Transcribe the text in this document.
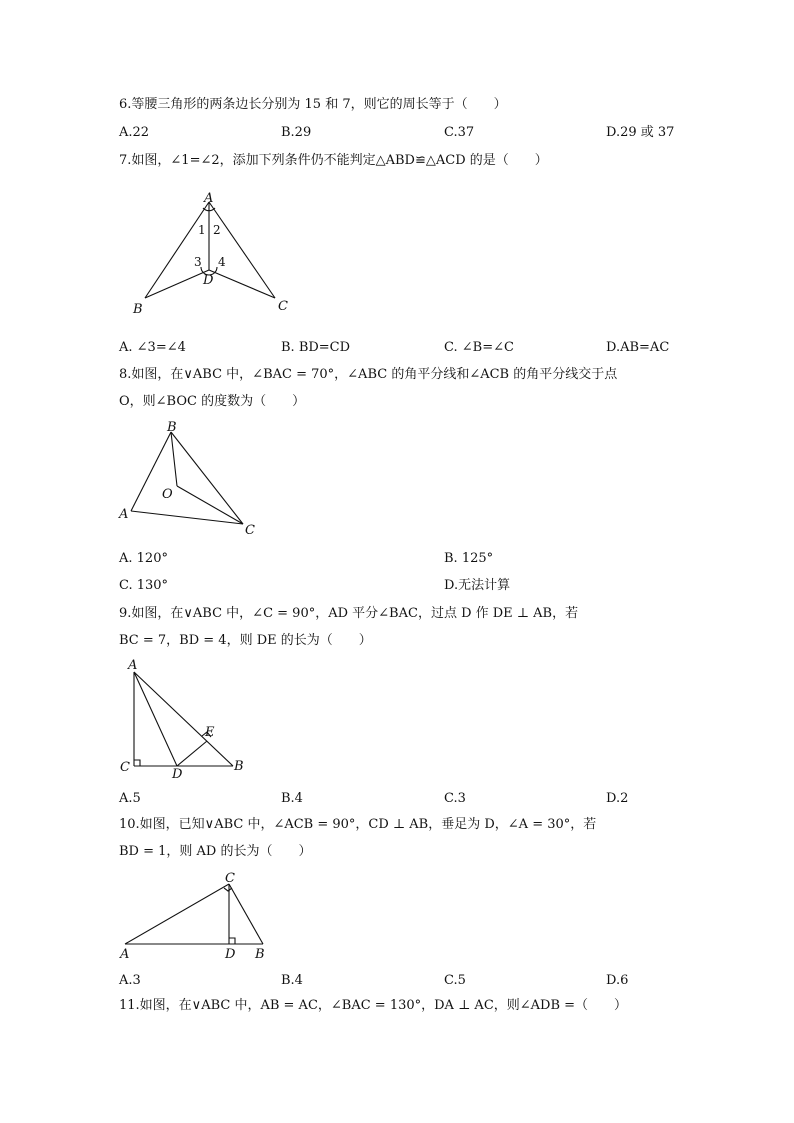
6.等腰三角形的两条边长分别为 15 和 7，则它的周长等于（　　）
A.22	B.29	C.37	D.29 或 37
7.如图，∠1=∠2，添加下列条件仍不能判定△ABD≌△ACD 的是（　　）
A
B	C
D
1 2
3 4
A. ∠3=∠4	B. BD=CD	C. ∠B=∠C	D.AB=AC
8.如图，在∨ABC 中，∠BAC = 70°，∠ABC 的角平分线和∠ACB 的角平分线交于点
O，则∠BOC 的度数为（　　）
B
A
C
O
A. 120°	B. 125°
C. 130°	D.无法计算
9.如图，在∨ABC 中，∠C = 90°，AD 平分∠BAC，过点 D 作 DE ⊥ AB，若
BC = 7，BD = 4，则 DE 的长为（　　）
A
C	D
B
E
A.5	B.4	C.3	D.2
10.如图，已知∨ABC 中，∠ACB = 90°，CD ⊥ AB，垂足为 D，∠A = 30°，若
BD = 1，则 AD 的长为（　　）
C
A	D B
A.3	B.4	C.5	D.6
11.如图，在∨ABC 中，AB = AC，∠BAC = 130°，DA ⊥ AC，则∠ADB =（　　）
